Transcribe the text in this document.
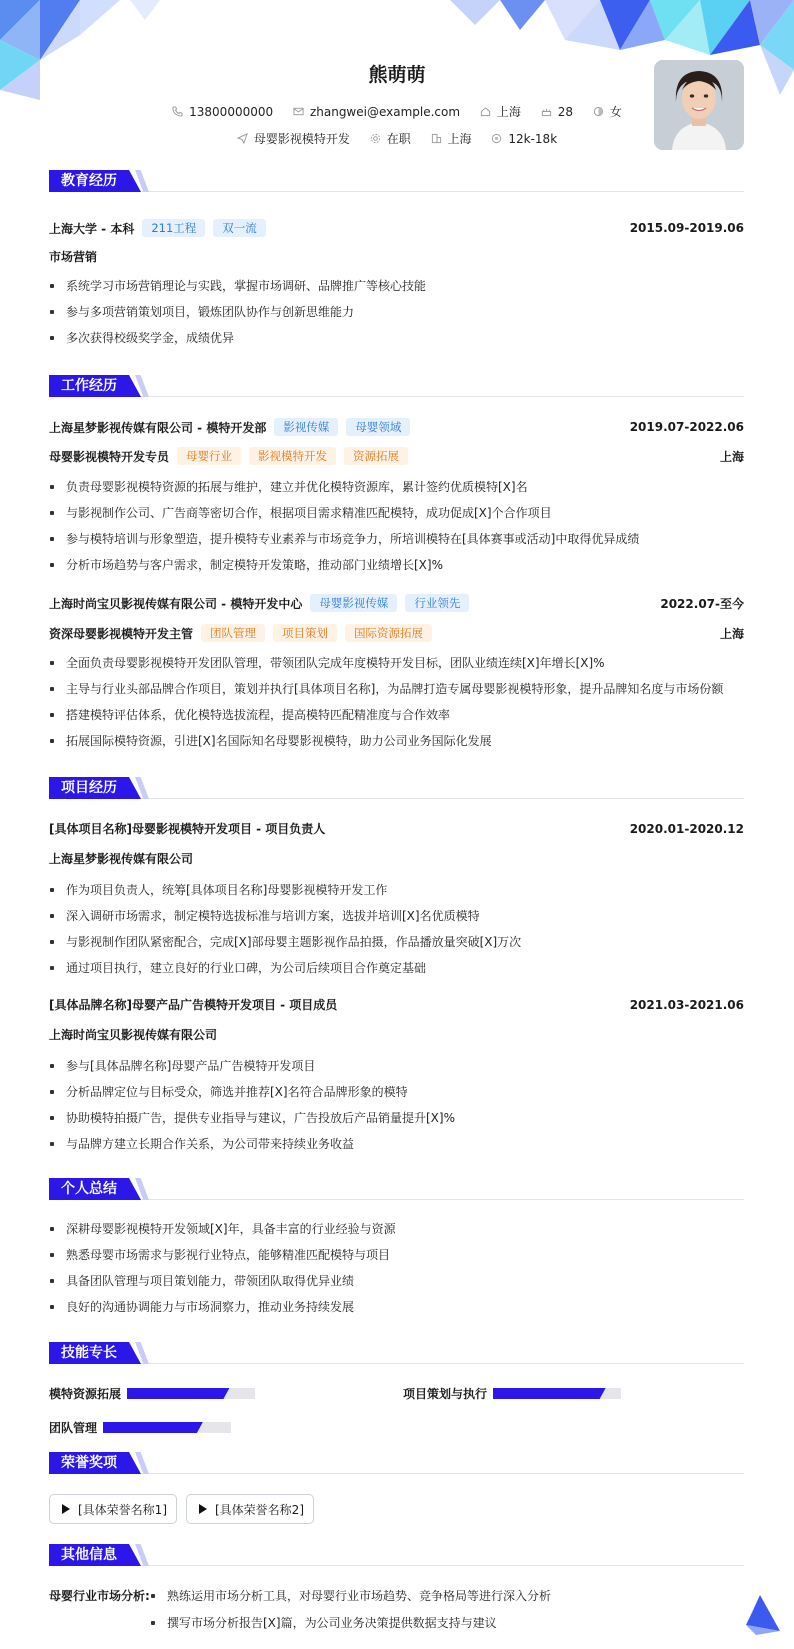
熊萌萌
13800000000
	zhangwei@example.com
	上海
	28
	女
母婴影视模特开发
	在职
	上海
	12k-18k
教育经历
上海大学 - 本科	211工程	双一流	2015.09-2019.06
市场营销
系统学习市场营销理论与实践，掌握市场调研、品牌推广等核心技能
参与多项营销策划项目，锻炼团队协作与创新思维能力
多次获得校级奖学金，成绩优异
工作经历
上海星梦影视传媒有限公司 - 模特开发部	影视传媒	母婴领域	2019.07-2022.06
母婴影视模特开发专员	母婴行业	影视模特开发	资源拓展	上海
负责母婴影视模特资源的拓展与维护，建立并优化模特资源库，累计签约优质模特[X]名
与影视制作公司、广告商等密切合作，根据项目需求精准匹配模特，成功促成[X]个合作项目
参与模特培训与形象塑造，提升模特专业素养与市场竞争力，所培训模特在[具体赛事或活动]中取得优异成绩
分析市场趋势与客户需求，制定模特开发策略，推动部门业绩增长[X]%
上海时尚宝贝影视传媒有限公司 - 模特开发中心	母婴影视传媒	行业领先	2022.07-至今
资深母婴影视模特开发主管	团队管理	项目策划	国际资源拓展	上海
全面负责母婴影视模特开发团队管理，带领团队完成年度模特开发目标，团队业绩连续[X]年增长[X]%
主导与行业头部品牌合作项目，策划并执行[具体项目名称]，为品牌打造专属母婴影视模特形象，提升品牌知名度与市场份额
搭建模特评估体系，优化模特选拔流程，提高模特匹配精准度与合作效率
拓展国际模特资源，引进[X]名国际知名母婴影视模特，助力公司业务国际化发展
项目经历
[具体项目名称]母婴影视模特开发项目 - 项目负责人	2020.01-2020.12
上海星梦影视传媒有限公司
作为项目负责人，统筹[具体项目名称]母婴影视模特开发工作
深入调研市场需求，制定模特选拔标准与培训方案，选拔并培训[X]名优质模特
与影视制作团队紧密配合，完成[X]部母婴主题影视作品拍摄，作品播放量突破[X]万次
通过项目执行，建立良好的行业口碑，为公司后续项目合作奠定基础
[具体品牌名称]母婴产品广告模特开发项目 - 项目成员	2021.03-2021.06
上海时尚宝贝影视传媒有限公司
参与[具体品牌名称]母婴产品广告模特开发项目
分析品牌定位与目标受众，筛选并推荐[X]名符合品牌形象的模特
协助模特拍摄广告，提供专业指导与建议，广告投放后产品销量提升[X]%
与品牌方建立长期合作关系，为公司带来持续业务收益
个人总结
深耕母婴影视模特开发领域[X]年，具备丰富的行业经验与资源
熟悉母婴市场需求与影视行业特点，能够精准匹配模特与项目
具备团队管理与项目策划能力，带领团队取得优异业绩
良好的沟通协调能力与市场洞察力，推动业务持续发展
技能专长
模特资源拓展	项目策划与执行
团队管理
荣誉奖项
[具体荣誉名称1]	[具体荣誉名称2]
其他信息
母婴行业市场分析: 熟练运用市场分析工具，对母婴行业市场趋势、竞争格局等进行深入分析
撰写市场分析报告[X]篇，为公司业务决策提供数据支持与建议
